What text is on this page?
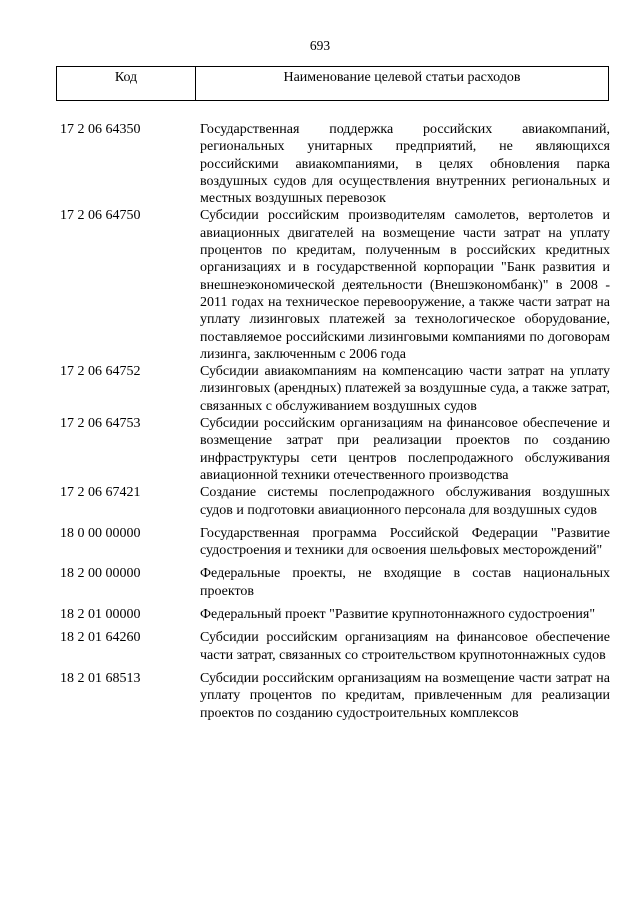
693
Код	Наименование целевой статьи расходов
17 2 06 64350	Государственная поддержка российских авиакомпаний, региональных унитарных предприятий, не являющихся российскими авиакомпаниями, в целях обновления парка воздушных судов для осуществления внутренних региональных и местных воздушных перевозок
17 2 06 64750	Субсидии российским производителям самолетов, вертолетов и авиационных двигателей на возмещение части затрат на уплату процентов по кредитам, полученным в российских кредитных организациях и в государственной корпорации "Банк развития и внешнеэкономической деятельности (Внешэкономбанк)" в 2008 - 2011 годах на техническое перевооружение, а также части затрат на уплату лизинговых платежей за технологическое оборудование, поставляемое российскими лизинговыми компаниями по договорам лизинга, заключенным с 2006 года
17 2 06 64752	Субсидии авиакомпаниям на компенсацию части затрат на уплату лизинговых (арендных) платежей за воздушные суда, а также затрат, связанных с обслуживанием воздушных судов
17 2 06 64753	Субсидии российским организациям на финансовое обеспечение и возмещение затрат при реализации проектов по созданию инфраструктуры сети центров послепродажного обслуживания авиационной техники отечественного производства
17 2 06 67421	Создание системы послепродажного обслуживания воздушных судов и подготовки авиационного персонала для воздушных судов
18 0 00 00000	Государственная программа Российской Федерации "Развитие судостроения и техники для освоения шельфовых месторождений"
18 2 00 00000	Федеральные проекты, не входящие в состав национальных проектов
18 2 01 00000	Федеральный проект "Развитие крупнотоннажного судостроения"
18 2 01 64260	Субсидии российским организациям на финансовое обеспечение части затрат, связанных со строительством крупнотоннажных судов
18 2 01 68513	Субсидии российским организациям на возмещение части затрат на уплату процентов по кредитам, привлеченным для реализации проектов по созданию судостроительных комплексов
